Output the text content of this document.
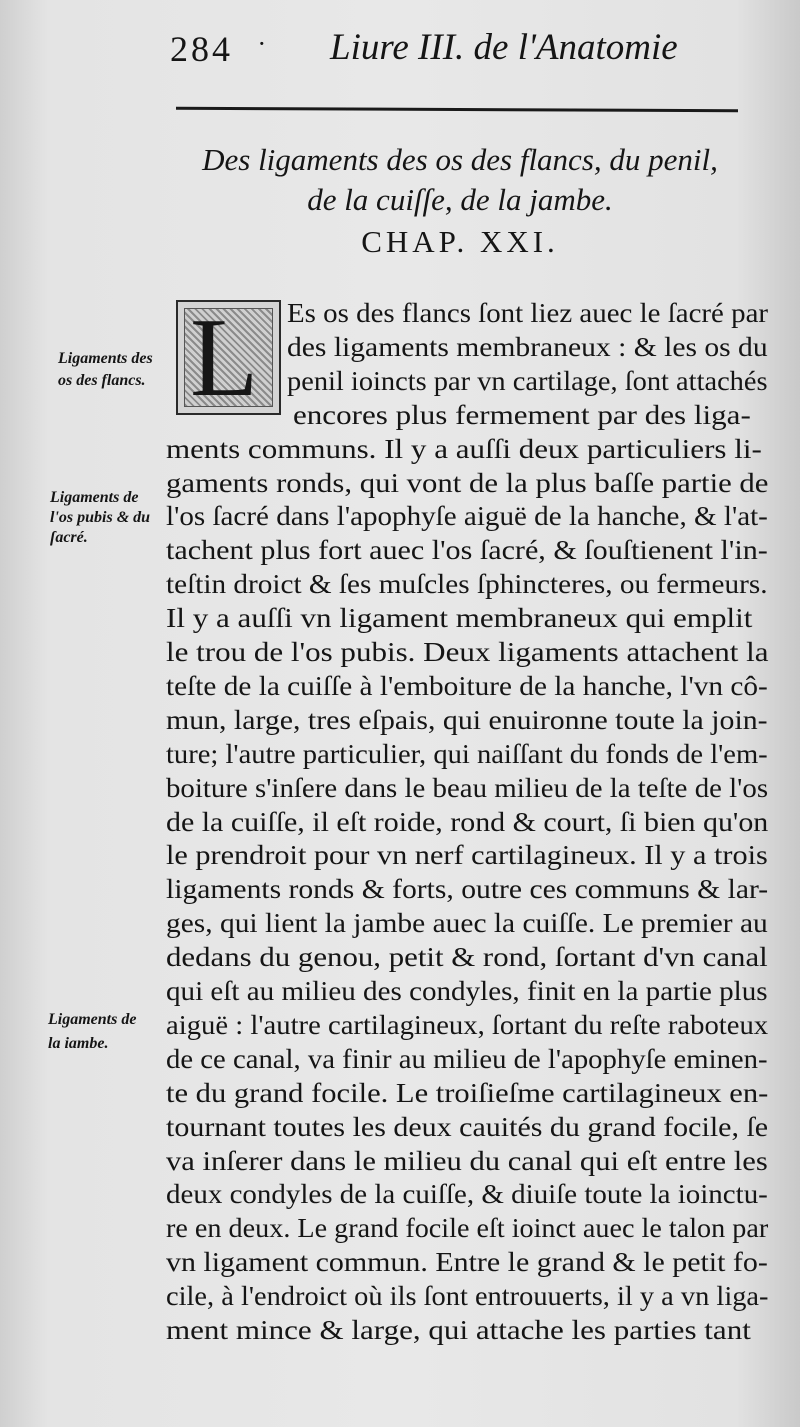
284 · Liure III. de l'Anatomie
Des ligaments des os des flancs, du penil,
de la cuiſſe, de la jambe.
CHAP. XXI.
L
Ligaments des
os des flancs.
Ligaments de
l'os pubis & du
ſacré.
Ligaments de
la iambe.
Es os des flancs ſont liez auec le ſacré par
des ligaments membraneux : & les os du
penil ioincts par vn cartilage, ſont attachés
encores plus fermement par des liga-
ments communs. Il y a auſſi deux particuliers li-
gaments ronds, qui vont de la plus baſſe partie de
l'os ſacré dans l'apophyſe aiguë de la hanche, & l'at-
tachent plus fort auec l'os ſacré, & ſouſtienent l'in-
teſtin droict & ſes muſcles ſphincteres, ou fermeurs.
Il y a auſſi vn ligament membraneux qui emplit
le trou de l'os pubis. Deux ligaments attachent la
teſte de la cuiſſe à l'emboiture de la hanche, l'vn cô-
mun, large, tres eſpais, qui enuironne toute la join-
ture; l'autre particulier, qui naiſſant du fonds de l'em-
boiture s'inſere dans le beau milieu de la teſte de l'os
de la cuiſſe, il eſt roide, rond & court, ſi bien qu'on
le prendroit pour vn nerf cartilagineux. Il y a trois
ligaments ronds & forts, outre ces communs & lar-
ges, qui lient la jambe auec la cuiſſe. Le premier au
dedans du genou, petit & rond, ſortant d'vn canal
qui eſt au milieu des condyles, finit en la partie plus
aiguë : l'autre cartilagineux, ſortant du reſte raboteux
de ce canal, va finir au milieu de l'apophyſe eminen-
te du grand focile. Le troiſieſme cartilagineux en-
tournant toutes les deux cauités du grand focile, ſe
va inſerer dans le milieu du canal qui eſt entre les
deux condyles de la cuiſſe, & diuiſe toute la ioinctu-
re en deux. Le grand focile eſt ioinct auec le talon par
vn ligament commun. Entre le grand & le petit fo-
cile, à l'endroict où ils ſont entrouuerts, il y a vn liga-
ment mince & large, qui attache les parties tant
